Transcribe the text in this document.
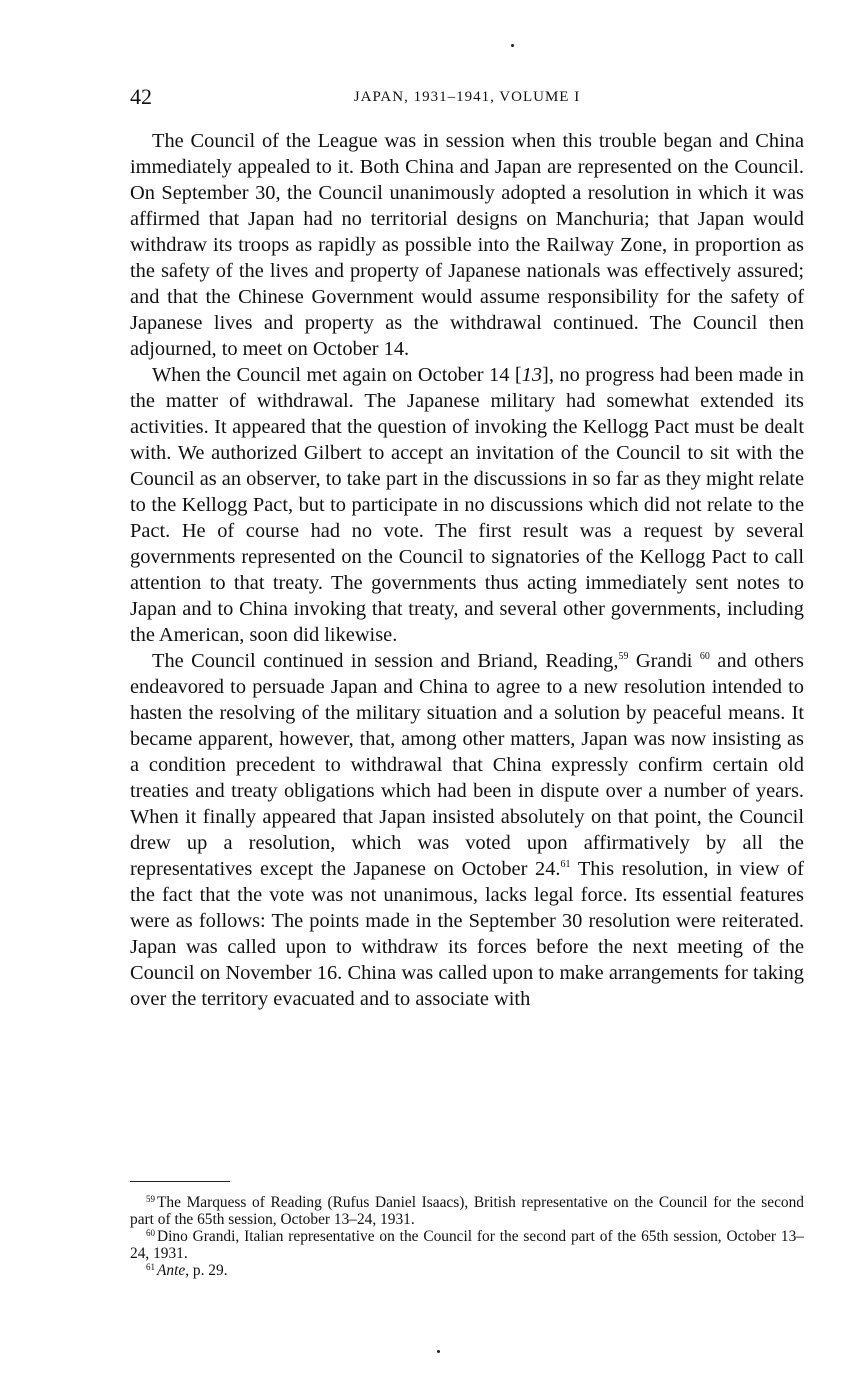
42	JAPAN, 1931–1941, VOLUME I

The Council of the League was in session when this trouble began and China immediately appealed to it. Both China and Japan are represented on the Council. On September 30, the Council unanimously adopted a resolution in which it was affirmed that Japan had no territorial designs on Manchuria; that Japan would withdraw its troops as rapidly as possible into the Railway Zone, in proportion as the safety of the lives and property of Japanese nationals was effectively assured; and that the Chinese Government would assume responsibility for the safety of Japanese lives and property as the withdrawal continued. The Council then adjourned, to meet on October 14.

When the Council met again on October 14 [13], no progress had been made in the matter of withdrawal. The Japanese military had somewhat extended its activities. It appeared that the question of invoking the Kellogg Pact must be dealt with. We authorized Gilbert to accept an invitation of the Council to sit with the Council as an observer, to take part in the discussions in so far as they might relate to the Kellogg Pact, but to participate in no discussions which did not relate to the Pact. He of course had no vote. The first result was a request by several governments represented on the Council to signatories of the Kellogg Pact to call attention to that treaty. The governments thus acting immediately sent notes to Japan and to China invoking that treaty, and several other governments, including the American, soon did likewise.

The Council continued in session and Briand, Reading,$^{59}$ Grandi $^{60}$ and others endeavored to persuade Japan and China to agree to a new resolution intended to hasten the resolving of the military situation and a solution by peaceful means. It became apparent, however, that, among other matters, Japan was now insisting as a condition precedent to withdrawal that China expressly confirm certain old treaties and treaty obligations which had been in dispute over a number of years. When it finally appeared that Japan insisted absolutely on that point, the Council drew up a resolution, which was voted upon affirmatively by all the representatives except the Japanese on October 24.61 This resolution, in view of the fact that the vote was not unanimous, lacks legal force. Its essential features were as follows: The points made in the September 30 resolution were reiterated. Japan was called upon to withdraw its forces before the next meeting of the Council on November 16. China was called upon to make arrangements for taking over the territory evacuated and to associate with

$^{59}$ The Marquess of Reading (Rufus Daniel Isaacs), British representative on the Council for the second part of the 65th session, October 13–24, 1931.

$^{60}$ Dino Grandi, Italian representative on the Council for the second part of the 65th session, October 13–24, 1931.

$^{61}$ Ante, p. 29.
